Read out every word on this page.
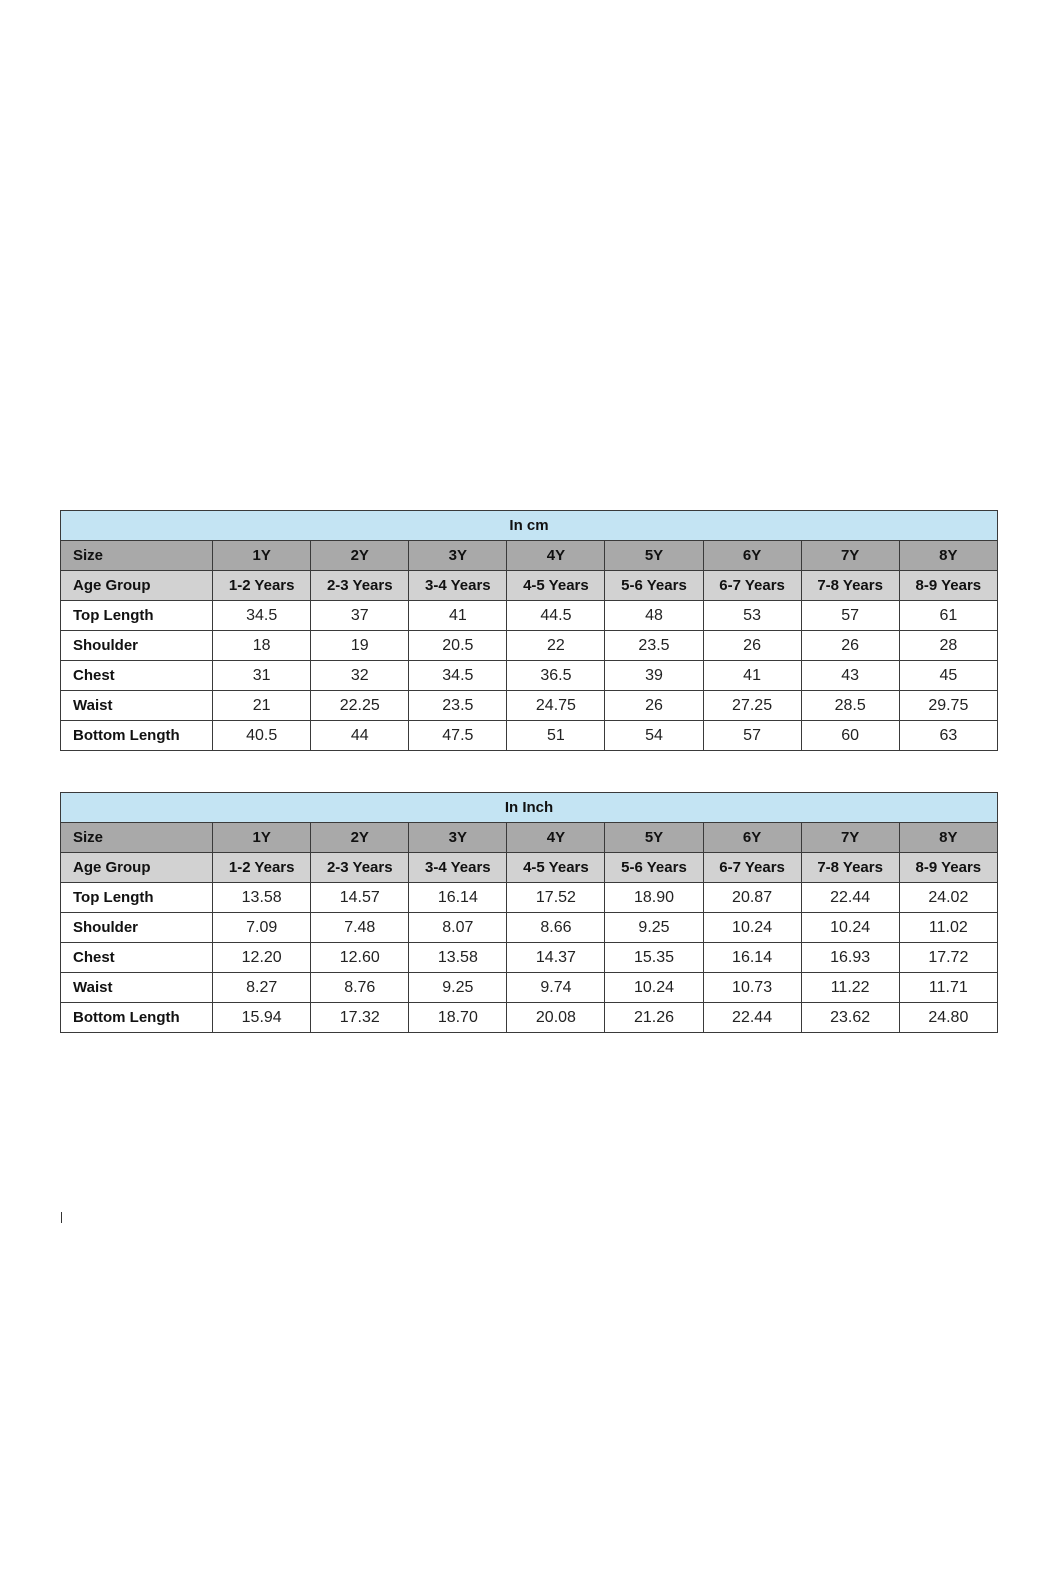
In cm								
Size	1Y	2Y	3Y	4Y	5Y	6Y	7Y	8Y
Age Group	1-2 Years	2-3 Years	3-4 Years	4-5 Years	5-6 Years	6-7 Years	7-8 Years	8-9 Years
Top Length	34.5	37	41	44.5	48	53	57	61
Shoulder	18	19	20.5	22	23.5	26	26	28
Chest	31	32	34.5	36.5	39	41	43	45
Waist	21	22.25	23.5	24.75	26	27.25	28.5	29.75
Bottom Length	40.5	44	47.5	51	54	57	60	63
In Inch								
Size	1Y	2Y	3Y	4Y	5Y	6Y	7Y	8Y
Age Group	1-2 Years	2-3 Years	3-4 Years	4-5 Years	5-6 Years	6-7 Years	7-8 Years	8-9 Years
Top Length	13.58	14.57	16.14	17.52	18.90	20.87	22.44	24.02
Shoulder	7.09	7.48	8.07	8.66	9.25	10.24	10.24	11.02
Chest	12.20	12.60	13.58	14.37	15.35	16.14	16.93	17.72
Waist	8.27	8.76	9.25	9.74	10.24	10.73	11.22	11.71
Bottom Length	15.94	17.32	18.70	20.08	21.26	22.44	23.62	24.80
